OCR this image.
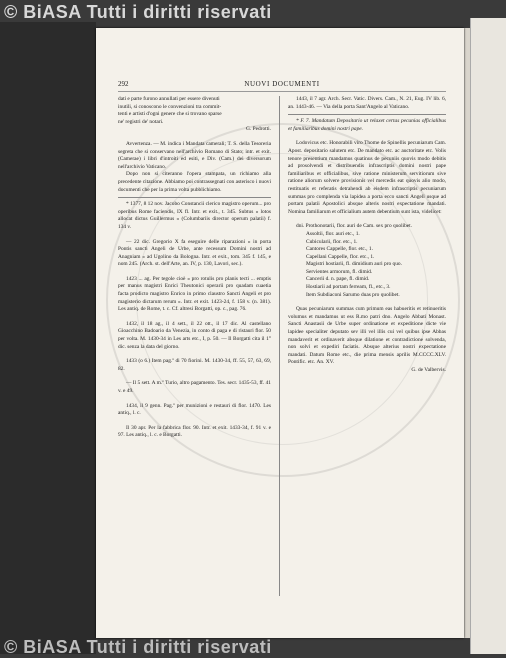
292	NUOVI DOCUMENTI

dati e parte furono annullati per essere divenuti

inutili, si conoscono le convenzioni tra commit-

tenti e artisti d'ogni genere che si trovano sparse

ne' registri de' notari.

G. Pedrotti.

Avvertenza. — M. indica i Mandata camerali; T. S. della Tesoreria segreta che si conservano nell'archivio Romano di Stato; intr. et exit. (Camerae) i libri d'introiti ed esiti, e Div. (Cam.) dei diversorum nell'archivio Vaticano.

Dopo non si citeranno l'opera stampata, un richiamo alla precedente citazione. Abbiamo poi contrassegnati con asterisco i nuovi documenti che per la prima volta pubblichiamo.

* 1377, 8 12 nov. Jacobo Constancii clerico magistro operum... pro operibus Rome faciendis, IX fl. Intr. et exit., t. 345. Subtus « lotos allocat dictus Guillermus » (Columbariis director operum palatii) f. 134 v.

— 22 dic. Gregorio X fa eseguire delle riparazioni « in porta Pontis sancti Angeli de Urbe, ante recessum Domini nostri ad Anagniam » ad Ugolino da Bologna. Intr. et exit., tom. 345 f. 145, e nom 245. (Arch. st. dell'Arte, an. IV, p. 130, Lavori, sec.).

1423 ... ag. Per tegole cioè « pro rotulis pro planis tecti ... emptis per manus magistri Enrici Theutonici operarii pro quadam cuaetia facta prodicto magistro Enrico in primo claustro Sancti Angeli et pro magisterio dictarum rerum ». Intr. et exit. 1423-24, f. 158 v. (n. 381). Les antiq. de Rome, t. c. Cf. altresi Borgatti, op. c., pag. 76.

1432, il 18 ag., il 4 sett., il 22 ott., il 17 dic. Al castellano Gioacchino Badoario da Venezia, in conto di paga e di ristauri flor. 50 per volta. M. 1430-34 in Les arts etc., I, p. 50. — Il Borgatti cita il 1° dic. senza la data del giorno.

1433 (o 6.) Item pag.º di 70 fiorini. M. 1430-34, ff. 55, 57, 63, 69, 82.

— Il 5 sett. A m.º Turio, altro pagamento. Tes. secr. 1435-53, ff. 41 v. e 49.

1434, il 9 genn. Pag.º per munizioni e restauri di flor. 1470. Les antiq., l. c.

Il 30 apr. Per la fabbrica flor. 90. Intr. et exit. 1433-34, f. 91 v. e 97. Les antiq., l. c. e Borgatti.

1443, il 7 agr. Arch. Secr. Vatic. Divers. Cam., N. 21, Eug. IV lib. 6, an. 1443-46. — Via della porta Sant'Angelo al Vaticano.

* F. 7. Mandatum Depositario ut relaxet certas pecunias officialibus et familiaribus domini nostri pape.

Lodovicus etc. Honorabili viro Thome de Spinellis pecuniarum Cam. Apost. depositario salutem etc. De mandato etc. ac auctoritate etc. Volis tenore presentium mandamus quatinus de pecuniis quovis modo debitis ad prosolvendi et distribuendis infrascriptis domini nostri pape familiaribus et officialibus, sive ratione ministerum servitiorum sive ratione aliorum solvere provisionis vel mercedis eat quovis alio modo, restituatis et referatis detrahendi ab eisdem infrascriptis pecuniarum summas pro complenda via lapidea a porta ecco sancti Angeli usque ad portam palatii Apostolici absque alteris nostri expectatione mandati. Nomina familiarum et officialium autem debentium sunt ista, videlicet:

dni. Prothonotarii, flor. auri de Cam. sex pro quolibet.

Assoltii, flor. auri etc., 1.

Cubicularii, flor. etc., 1.

Cantores Cappelle, flor. etc., 1.

Capellani Cappelle, flor. etc., 1.

Magistri hostiarii, fl. dimidium auri pro quo.

Servientes armorum, fl. dimid.

Cancerii d. n. pape, fl. dimid.

Hostiarii ad portam ferream, fl., etc., 3.

Item Subdiaconi Sarumo duas pro quolibet.

Quas pecuniarum summas cum primum eas habueritis et retinueritis volumus et mandamus ut ess R.mo patri dno. Angelo Abbati Monast. Sancti Anastasii de Urbe super ordinatione et expeditione dicte vie lapidee specialiter deputato sev illi vel illis cui vel quibus ipse Abbas mandaverit et ordinaverit absque dilatione et contradictione solvenda, non solvi et expediri faciatis. Absque alterius nostri expectatione mandati. Datum Rome etc., die prima mensis aprilis M.CCCC.XLV. Pontific. etc. An. XV.

G. de Valbervis.

© BiASA Tutti i diritti riservati
© BiASA Tutti i diritti riservati
